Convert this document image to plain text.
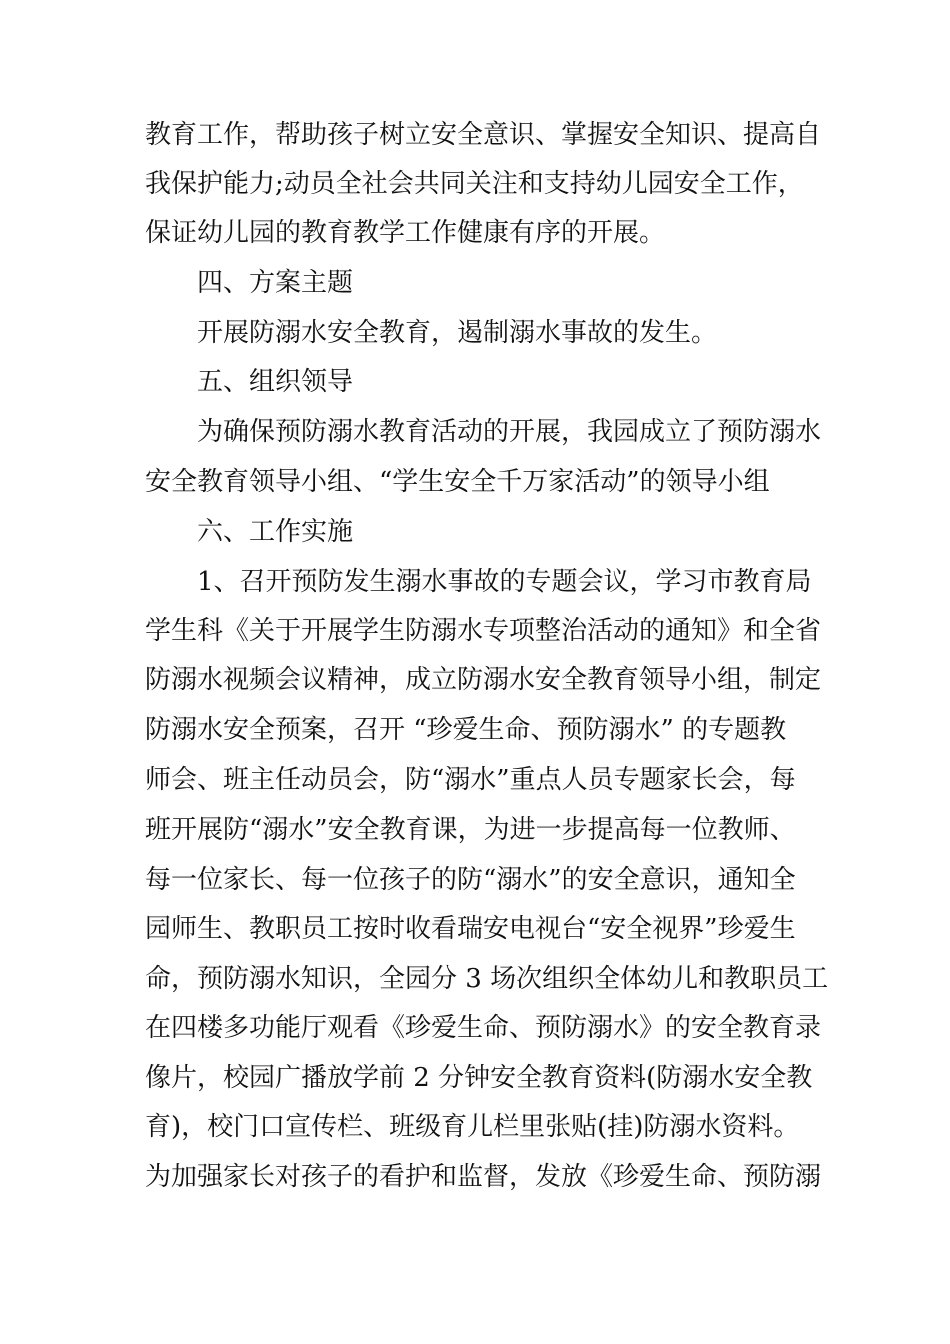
教育工作，帮助孩子树立安全意识、掌握安全知识、提高自
我保护能力;动员全社会共同关注和支持幼儿园安全工作，
保证幼儿园的教育教学工作健康有序的开展。
四、方案主题
开展防溺水安全教育，遏制溺水事故的发生。
五、组织领导
为确保预防溺水教育活动的开展，我园成立了预防溺水
安全教育领导小组、“学生安全千万家活动”的领导小组
六、工作实施
1、召开预防发生溺水事故的专题会议，学习市教育局
学生科《关于开展学生防溺水专项整治活动的通知》和全省
防溺水视频会议精神，成立防溺水安全教育领导小组，制定
防溺水安全预案，召开 “珍爱生命、预防溺水” 的专题教
师会、班主任动员会，防“溺水”重点人员专题家长会，每
班开展防“溺水”安全教育课，为进一步提高每一位教师、
每一位家长、每一位孩子的防“溺水”的安全意识，通知全
园师生、教职员工按时收看瑞安电视台“安全视界”珍爱生
命，预防溺水知识，全园分 3 场次组织全体幼儿和教职员工
在四楼多功能厅观看《珍爱生命、预防溺水》的安全教育录
像片，校园广播放学前 2 分钟安全教育资料(防溺水安全教
育)，校门口宣传栏、班级育儿栏里张贴(挂)防溺水资料。
为加强家长对孩子的看护和监督，发放《珍爱生命、预防溺
